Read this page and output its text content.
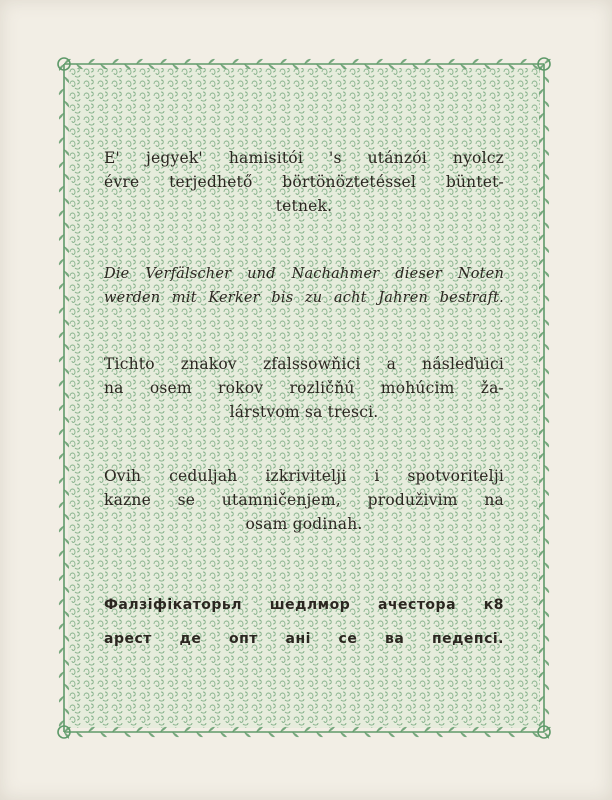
E' jegyek' hamisitói 's utánzói nyolcz
évre terjedhető börtönöztetéssel büntet-
tetnek.

Die Verfälscher und Nachahmer dieser Noten
werden mit Kerker bis zu acht Jahren bestraft.

Tichto znakov zfalssowňici a násleďuici
na osem rokov rozličňú mohúcim ža-
lárstvom sa tresci.

Ovih ceduljah izkrivitelji i spotvoritelji
kazne se utamničenjem, produživim na
osam godinah.

Фалзіфікаторьл шедлмор ачестора к8
арест де опт ані се ва педепсі.
